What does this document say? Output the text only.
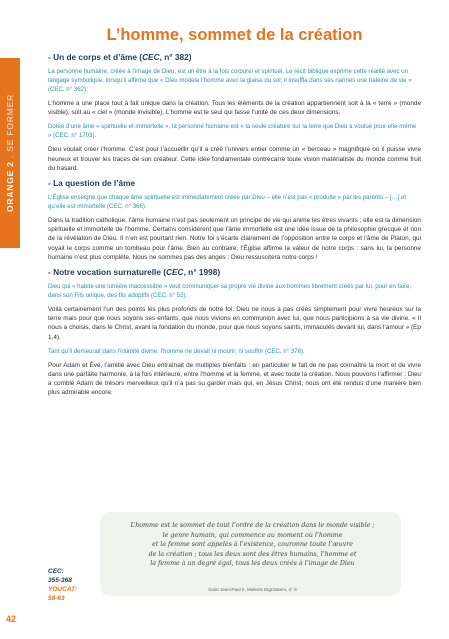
ORANGE 2 . SE FORMER
L’homme, sommet de la création
- Un de corps et d’âme (CEC, n° 382)

La personne humaine, créée à l’image de Dieu, est un être à la fois corporel et spirituel. Le récit biblique exprime cette réalité avec un langage symbolique, lorsqu’il affirme que « Dieu modela l’homme avec la glaise du sol; il insuffla dans ses narines une haleine de vie » (CEC, n° 362).

L’homme a une place tout à fait unique dans la création. Tous les éléments de la création appartiennent soit à la « terre » (monde visible), soit au « ciel » (monde invisible). L’homme est le seul qui fasse l’unité de ces deux dimensions.

Dotée d’une âme « spirituelle et immortelle », la personne humaine est « la seule créature sur la terre que Dieu a voulue pour elle-même » (CEC, n° 1703).

Dieu voulait créer l’homme. C’est pour l’accueillir qu’il a créé l’univers entier comme un « berceau » magnifique où il puisse vivre heureux et trouver les traces de son créateur. Cette idée fondamentale contrecarre toute vision matérialiste du monde comme fruit du hasard.

- La question de l’âme

L’Église enseigne que chaque âme spirituelle est immédiatement créée par Dieu – elle n’est pas « produite » par les parents – […] et qu’elle est immortelle (CEC, n° 366).

Dans la tradition catholique, l’âme humaine n’est pas seulement un principe de vie qui anime les êtres vivants ; elle est la dimension spirituelle et immortelle de l’homme. Certains considèrent que l’âme immortelle est une idée issue de la philosophie grecque et non de la révélation de Dieu. Il n’en est pourtant rien. Notre foi s’écarte clairement de l’opposition entre le corps et l’âme de Platon, qui voyait le corps comme un tombeau pour l’âme. Bien au contraire, l’Église affirme la valeur de notre corps : sans lui, la personne humaine n’est plus complète. Nous ne sommes pas des anges : Dieu ressuscitera notre corps !

- Notre vocation surnaturelle (CEC, n° 1998)

Dieu qui « habite une lumière inaccessible » veut communiquer sa propre vie divine aux hommes librement créés par lui, pour en faire, dans son Fils unique, des fils adoptifs (CEC, n° 52).

Voilà certainement l’un des points les plus profonds de notre foi. Dieu ne nous a pas créés simplement pour vivre heureux sur la terre mais pour que nous soyons ses enfants, que nous vivions en communion avec lui, que nous participions à sa vie divine. « Il nous a choisis, dans le Christ, avant la fondation du monde, pour que nous soyons saints, immaculés devant lui, dans l’amour » (Ep 1,4).

Tant qu’il demeurait dans l’intimité divine, l’homme ne devait ni mourir, ni souffrir (CEC, n° 376).

Pour Adam et Ève, l’amitié avec Dieu entraînait de multiples bienfaits : en particulier le fait de ne pas connaître la mort et de vivre dans une parfaite harmonie, à la fois intérieure, entre l’homme et la femme, et avec toute la création. Nous pouvons l’affirmer : Dieu a comblé Adam de trésors merveilleux qu’il n’a pas su garder mais qui, en Jésus Christ, nous ont été rendus d’une manière bien plus admirable encore.

L’homme est le sommet de tout l’ordre de la création dans le monde visible ;
le genre humain, qui commence au moment où l’homme
et la femme sont appelés à l’existence, couronne toute l’œuvre
de la création ; tous les deux sont des êtres humains, l’homme et
la femme à un degré égal, tous les deux créés à l’image de Dieu

Saint Jean-Paul II, Mulieris Dignitatem, n° 6

CEC:
355-368
YOUCAT:
58-63
42
